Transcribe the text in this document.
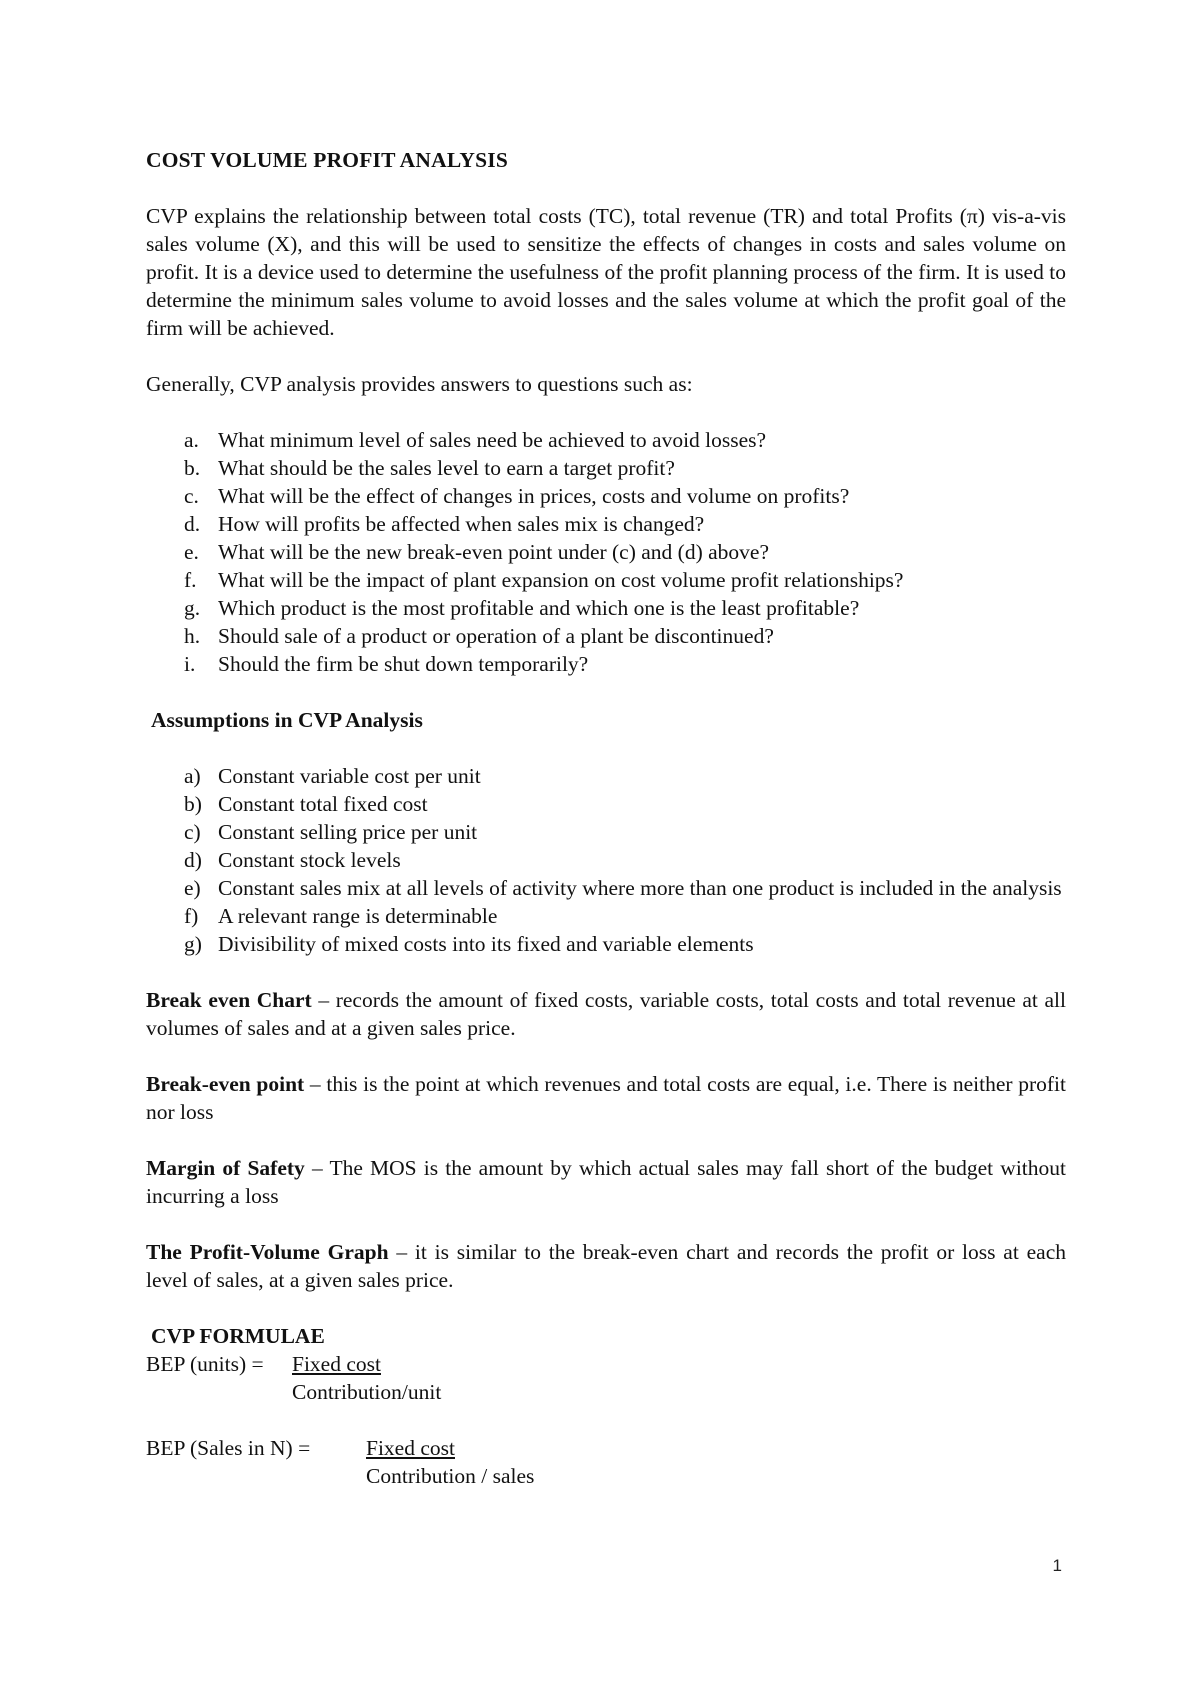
COST VOLUME PROFIT ANALYSIS

CVP explains the relationship between total costs (TC), total revenue (TR) and total Profits (π) vis-a-vis sales volume (X), and this will be used to sensitize the effects of changes in costs and sales volume on profit. It is a device used to determine the usefulness of the profit planning process of the firm. It is used to determine the minimum sales volume to avoid losses and the sales volume at which the profit goal of the firm will be achieved.

Generally, CVP analysis provides answers to questions such as:

a. What minimum level of sales need be achieved to avoid losses?
b. What should be the sales level to earn a target profit?
c. What will be the effect of changes in prices, costs and volume on profits?
d. How will profits be affected when sales mix is changed?
e. What will be the new break-even point under (c) and (d) above?
f. What will be the impact of plant expansion on cost volume profit relationships?
g. Which product is the most profitable and which one is the least profitable?
h. Should sale of a product or operation of a plant be discontinued?
i. Should the firm be shut down temporarily?

Assumptions in CVP Analysis

a) Constant variable cost per unit
b) Constant total fixed cost
c) Constant selling price per unit
d) Constant stock levels
e) Constant sales mix at all levels of activity where more than one product is included in the analysis
f) A relevant range is determinable
g) Divisibility of mixed costs into its fixed and variable elements

Break even Chart – records the amount of fixed costs, variable costs, total costs and total revenue at all volumes of sales and at a given sales price.

Break-even point – this is the point at which revenues and total costs are equal, i.e. There is neither profit nor loss

Margin of Safety – The MOS is the amount by which actual sales may fall short of the budget without incurring a loss

The Profit-Volume Graph – it is similar to the break-even chart and records the profit or loss at each level of sales, at a given sales price.

CVP FORMULAE

BEP (units) = Fixed cost
Contribution/unit
BEP (Sales in N) =	Fixed cost
Contribution / sales
1
